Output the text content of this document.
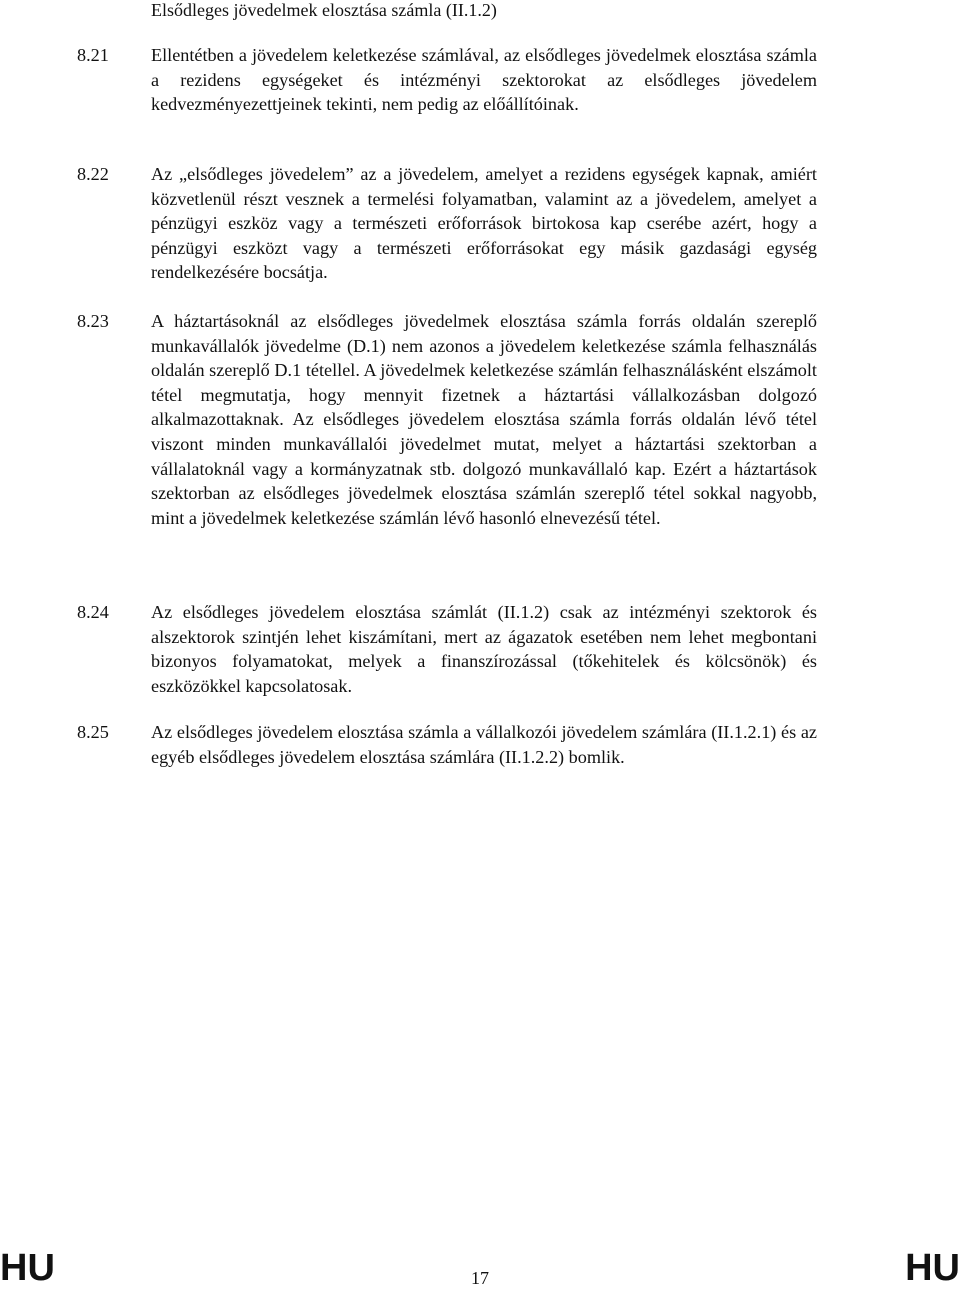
Elsődleges jövedelmek elosztása számla (II.1.2)
8.21 Ellentétben a jövedelem keletkezése számlával, az elsődleges jövedelmek elosztása számla a rezidens egységeket és intézményi szektorokat az elsődleges jövedelem kedvezményezettjeinek tekinti, nem pedig az előállítóinak.
8.22 Az „elsődleges jövedelem” az a jövedelem, amelyet a rezidens egységek kapnak, amiért közvetlenül részt vesznek a termelési folyamatban, valamint az a jövedelem, amelyet a pénzügyi eszköz vagy a természeti erőforrások birtokosa kap cserébe azért, hogy a pénzügyi eszközt vagy a természeti erőforrásokat egy másik gazdasági egység rendelkezésére bocsátja.
8.23 A háztartásoknál az elsődleges jövedelmek elosztása számla forrás oldalán szereplő munkavállalók jövedelme (D.1) nem azonos a jövedelem keletkezése számla felhasználás oldalán szereplő D.1 tétellel. A jövedelmek keletkezése számlán felhasználásként elszámolt tétel megmutatja, hogy mennyit fizetnek a háztartási vállalkozásban dolgozó alkalmazottaknak. Az elsődleges jövedelem elosztása számla forrás oldalán lévő tétel viszont minden munkavállalói jövedelmet mutat, melyet a háztartási szektorban a vállalatoknál vagy a kormányzatnak stb. dolgozó munkavállaló kap. Ezért a háztartások szektorban az elsődleges jövedelmek elosztása számlán szereplő tétel sokkal nagyobb, mint a jövedelmek keletkezése számlán lévő hasonló elnevezésű tétel.
8.24 Az elsődleges jövedelem elosztása számlát (II.1.2) csak az intézményi szektorok és alszektorok szintjén lehet kiszámítani, mert az ágazatok esetében nem lehet megbontani bizonyos folyamatokat, melyek a finanszírozással (tőkehitelek és kölcsönök) és eszközökkel kapcsolatosak.
8.25 Az elsődleges jövedelem elosztása számla a vállalkozói jövedelem számlára (II.1.2.1) és az egyéb elsődleges jövedelem elosztása számlára (II.1.2.2) bomlik.
HU	17	HU
